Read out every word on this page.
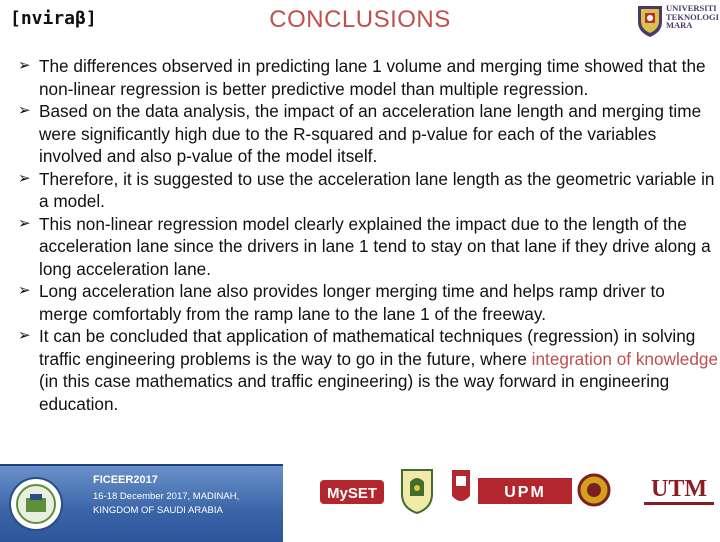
[nviraβ]	CONCLUSIONS	UNIVERSITI
TEKNOLOGI
MARA

➢ The differences observed in predicting lane 1 volume and merging time showed that the non-linear regression is better predictive model than multiple regression.

➢ Based on the data analysis, the impact of an acceleration lane length and merging time were significantly high due to the R-squared and p-value for each of the variables involved and also p-value of the model itself.

➢ Therefore, it is suggested to use the acceleration lane length as the geometric variable in a model.

➢ This non-linear regression model clearly explained the impact due to the length of the acceleration lane since the drivers in lane 1 tend to stay on that lane if they drive along a long acceleration lane.

➢ Long acceleration lane also provides longer merging time and helps ramp driver to merge comfortably from the ramp lane to the lane 1 of the freeway.

➢ It can be concluded that application of mathematical techniques (regression) in solving traffic engineering problems is the way to go in the future, where integration of knowledge (in this case mathematics and traffic engineering) is the way forward in engineering education.

FICEER2017
16-18 December 2017, MADINAH,
KINGDOM OF SAUDI ARABIA
MySET	UPM	UTM
